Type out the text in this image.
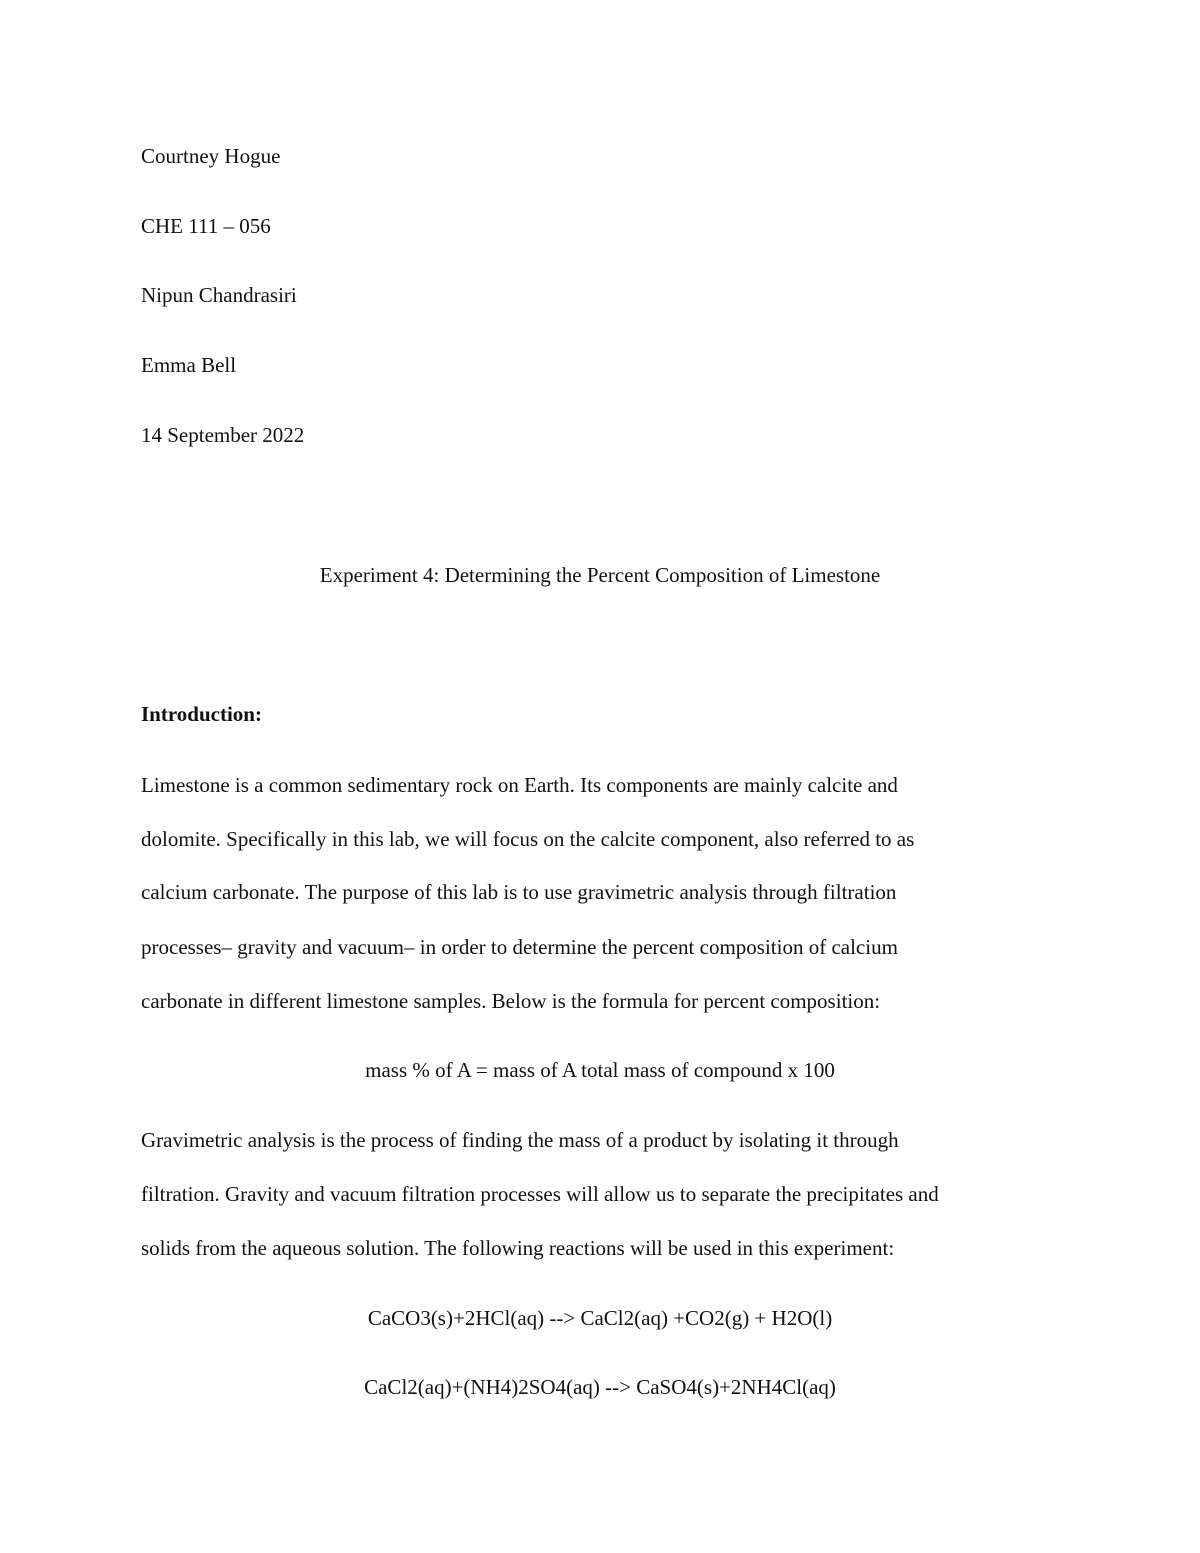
Courtney Hogue

CHE 111 – 056

Nipun Chandrasiri

Emma Bell

14 September 2022

Experiment 4: Determining the Percent Composition of Limestone

Introduction:

Limestone is a common sedimentary rock on Earth. Its components are mainly calcite and

dolomite. Specifically in this lab, we will focus on the calcite component, also referred to as

calcium carbonate. The purpose of this lab is to use gravimetric analysis through filtration

processes– gravity and vacuum– in order to determine the percent composition of calcium

carbonate in different limestone samples. Below is the formula for percent composition:

mass % of A = mass of A total mass of compound x 100

Gravimetric analysis is the process of finding the mass of a product by isolating it through

filtration. Gravity and vacuum filtration processes will allow us to separate the precipitates and

solids from the aqueous solution. The following reactions will be used in this experiment:

CaCO3(s)+2HCl(aq) --> CaCl2(aq) +CO2(g) + H2O(l)

CaCl2(aq)+(NH4)2SO4(aq) --> CaSO4(s)+2NH4Cl(aq)
